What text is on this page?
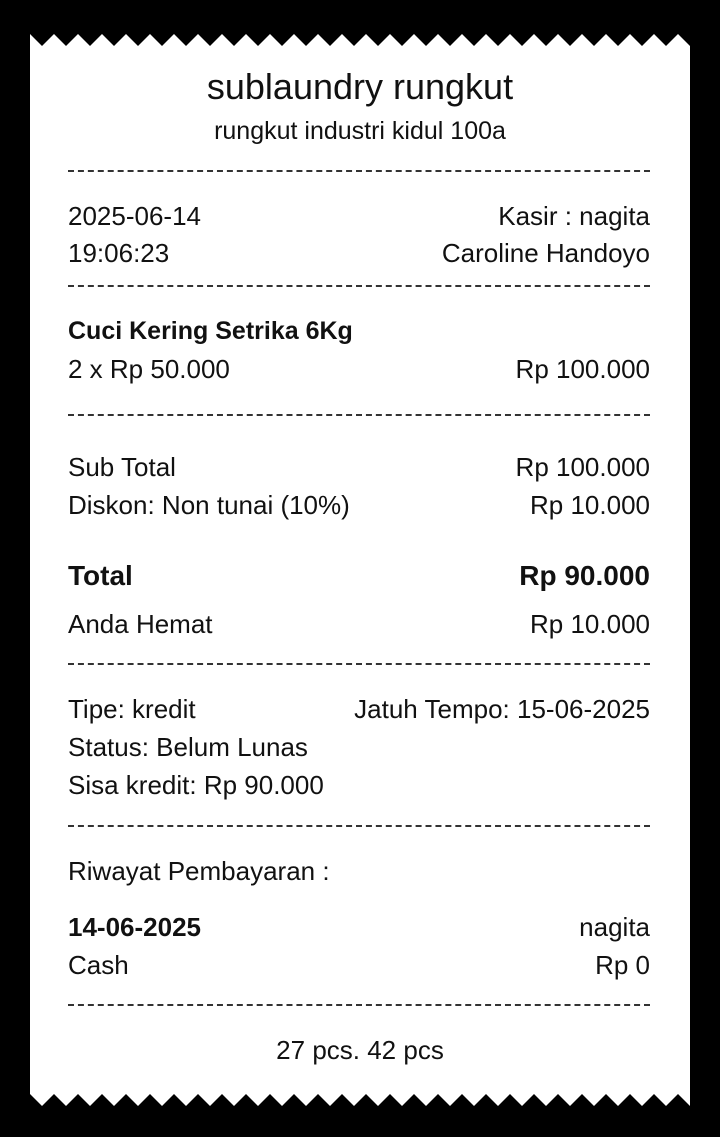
sublaundry rungkut
rungkut industri kidul 100a
2025-06-14	Kasir : nagita
19:06:23	Caroline Handoyo
Cuci Kering Setrika 6Kg
2 x Rp 50.000	Rp 100.000
Sub Total	Rp 100.000
Diskon: Non tunai (10%)	Rp 10.000
Total	Rp 90.000
Anda Hemat	Rp 10.000
Tipe: kredit	Jatuh Tempo: 15-06-2025
Status: Belum Lunas
Sisa kredit: Rp 90.000
Riwayat Pembayaran :
14-06-2025	nagita
Cash	Rp 0
27 pcs. 42 pcs
